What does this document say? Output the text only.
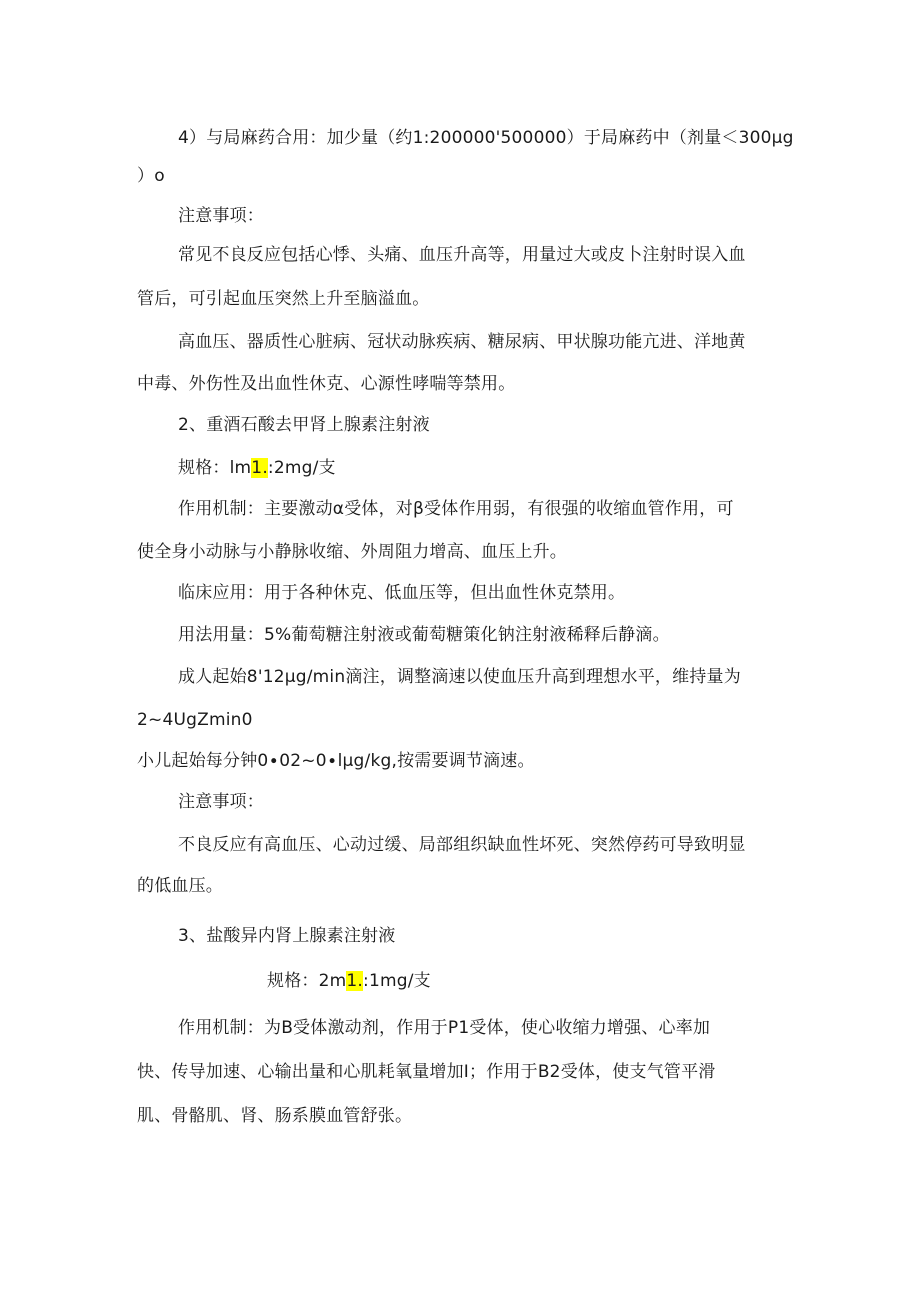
4）与局麻药合用：加少量（约1:200000'500000）于局麻药中（剂量＜300μg
）o
注意事项：
常见不良反应包括心悸、头痛、血压升高等，用量过大或皮卜注射时误入血
管后，可引起血压突然上升至脑溢血。
高血压、器质性心脏病、冠状动脉疾病、糖尿病、甲状腺功能亢进、洋地黄
中毒、外伤性及出血性休克、心源性哮喘等禁用。
2、重酒石酸去甲肾上腺素注射液
规格：lm1.:2mg∕支
作用机制：主要激动α受体，对β受体作用弱，有很强的收缩血管作用，可
使全身小动脉与小静脉收缩、外周阻力增高、血压上升。
临床应用：用于各种休克、低血压等，但出血性休克禁用。
用法用量：5%葡萄糖注射液或葡萄糖策化钠注射液稀释后静滴。
成人起始8'12μg∕min滴注，调整滴速以使血压升高到理想水平，维持量为
2~4UgZmin0
小儿起始每分钟0∙02~0∙lμg∕kg,按需要调节滴速。
注意事项：
不良反应有高血压、心动过缓、局部组织缺血性坏死、突然停药可导致明显
的低血压。
3、盐酸异内肾上腺素注射液
规格：2m1.:1mg∕支
作用机制：为B受体激动剂，作用于P1受体，使心收缩力增强、心率加
快、传导加速、心输出量和心肌耗氧量增加I；作用于B2受体，使支气管平滑
肌、骨骼肌、肾、肠系膜血管舒张。
